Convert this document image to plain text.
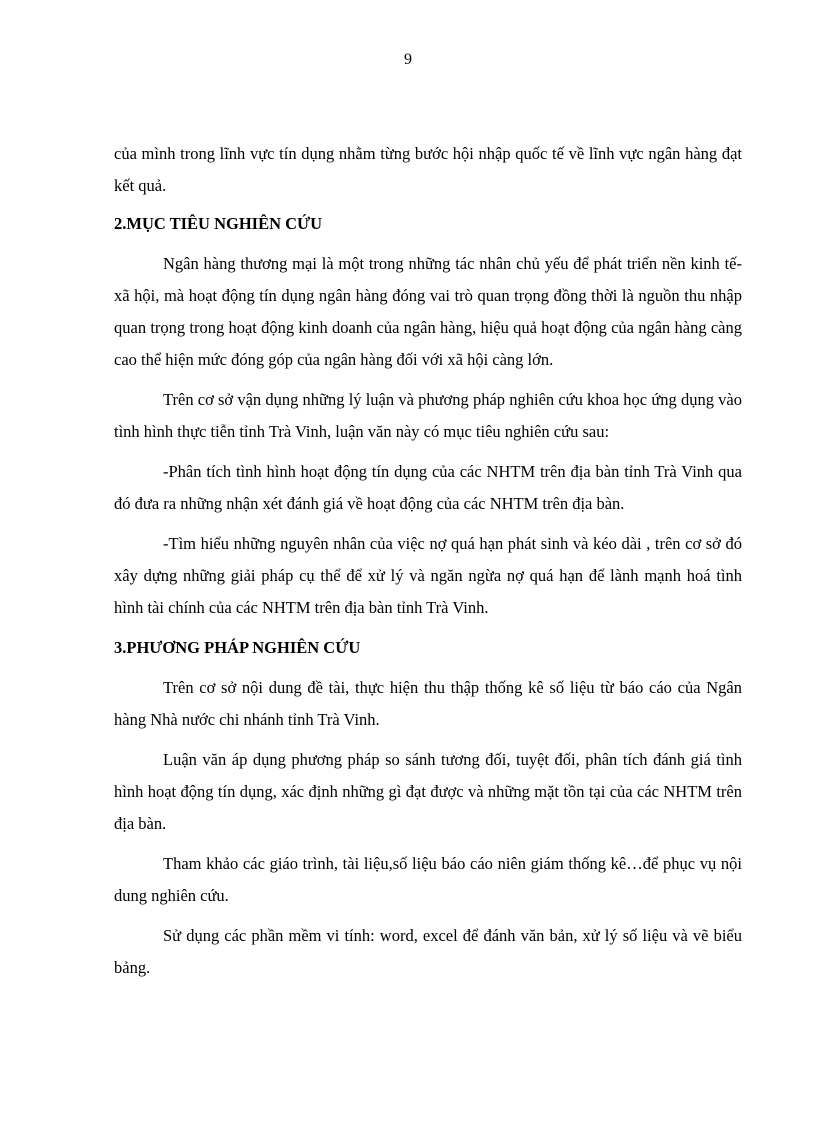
9

của mình trong lĩnh vực tín dụng nhằm từng bước hội nhập quốc tế về lĩnh vực ngân hàng đạt kết quả.

2.MỤC TIÊU NGHIÊN CỨU

Ngân hàng thương mại là một trong những tác nhân chủ yếu để phát triển nền kinh tế-xã hội, mà hoạt động tín dụng ngân hàng đóng vai trò quan trọng đồng thời là nguồn thu nhập quan trọng trong hoạt động kinh doanh của ngân hàng, hiệu quả hoạt động của ngân hàng càng cao thể hiện mức đóng góp của ngân hàng đối với xã hội càng lớn.

Trên cơ sở vận dụng những lý luận và phương pháp nghiên cứu khoa học ứng dụng vào tình hình thực tiễn tỉnh Trà Vinh, luận văn này có mục tiêu nghiên cứu sau:

-Phân tích tình hình hoạt động tín dụng của các NHTM trên địa bàn tỉnh Trà Vinh qua đó đưa ra những nhận xét đánh giá về hoạt động của các NHTM trên địa bàn.

-Tìm hiểu những nguyên nhân của việc nợ quá hạn phát sinh và kéo dài , trên cơ sở đó xây dựng những giải pháp cụ thể để xử lý và ngăn ngừa nợ quá hạn để lành mạnh hoá tình hình tài chính của các NHTM trên địa bàn tỉnh Trà Vinh.

3.PHƯƠNG PHÁP NGHIÊN CỨU

Trên cơ sở nội dung đề tài, thực hiện thu thập thống kê số liệu từ báo cáo của Ngân hàng Nhà nước chi nhánh tỉnh Trà Vinh.

Luận văn áp dụng phương pháp so sánh tương đối, tuyệt đối, phân tích đánh giá tình hình hoạt động tín dụng, xác định những gì đạt được và những mặt tồn tại của các NHTM trên địa bàn.

Tham khảo các giáo trình, tài liệu,số liệu báo cáo niên giám thống kê…để phục vụ nội dung nghiên cứu.

Sử dụng các phần mềm vi tính: word, excel để đánh văn bản, xử lý số liệu và vẽ biểu bảng.
